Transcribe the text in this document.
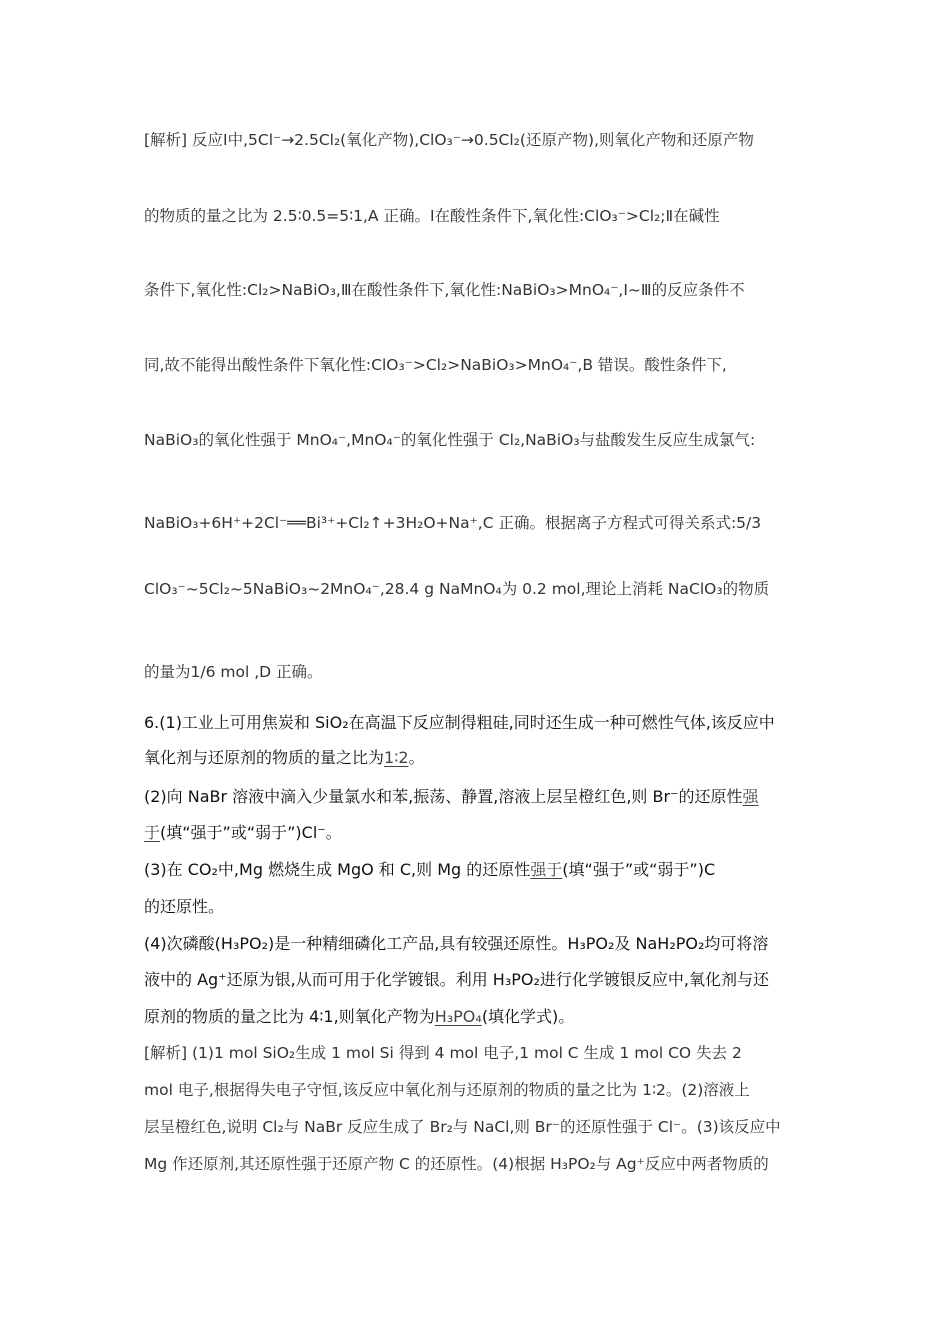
[解析] 反应Ⅰ中,5Cl⁻→2.5Cl₂(氧化产物),ClO₃⁻→0.5Cl₂(还原产物),则氧化产物和还原产物
的物质的量之比为 2.5∶0.5=5∶1,A 正确。Ⅰ在酸性条件下,氧化性:ClO₃⁻>Cl₂;Ⅱ在碱性
条件下,氧化性:Cl₂>NaBiO₃,Ⅲ在酸性条件下,氧化性:NaBiO₃>MnO₄⁻,Ⅰ~Ⅲ的反应条件不
同,故不能得出酸性条件下氧化性:ClO₃⁻>Cl₂>NaBiO₃>MnO₄⁻,B 错误。酸性条件下,
NaBiO₃的氧化性强于 MnO₄⁻,MnO₄⁻的氧化性强于 Cl₂,NaBiO₃与盐酸发生反应生成氯气:
NaBiO₃+6H⁺+2Cl⁻══Bi³⁺+Cl₂↑+3H₂O+Na⁺,C 正确。根据离子方程式可得关系式:5/3
ClO₃⁻~5Cl₂~5NaBiO₃~2MnO₄⁻,28.4 g NaMnO₄为 0.2 mol,理论上消耗 NaClO₃的物质
的量为1/6 mol ,D 正确。
6.(1)工业上可用焦炭和 SiO₂在高温下反应制得粗硅,同时还生成一种可燃性气体,该反应中
氧化剂与还原剂的物质的量之比为1∶2。
(2)向 NaBr 溶液中滴入少量氯水和苯,振荡、静置,溶液上层呈橙红色,则 Br⁻的还原性强
于(填“强于”或“弱于”)Cl⁻。
(3)在 CO₂中,Mg 燃烧生成 MgO 和 C,则 Mg 的还原性强于(填“强于”或“弱于”)C
的还原性。
(4)次磷酸(H₃PO₂)是一种精细磷化工产品,具有较强还原性。H₃PO₂及 NaH₂PO₂均可将溶
液中的 Ag⁺还原为银,从而可用于化学镀银。利用 H₃PO₂进行化学镀银反应中,氧化剂与还
原剂的物质的量之比为 4∶1,则氧化产物为H₃PO₄(填化学式)。
[解析] (1)1 mol SiO₂生成 1 mol Si 得到 4 mol 电子,1 mol C 生成 1 mol CO 失去 2
mol 电子,根据得失电子守恒,该反应中氧化剂与还原剂的物质的量之比为 1∶2。(2)溶液上
层呈橙红色,说明 Cl₂与 NaBr 反应生成了 Br₂与 NaCl,则 Br⁻的还原性强于 Cl⁻。(3)该反应中
Mg 作还原剂,其还原性强于还原产物 C 的还原性。(4)根据 H₃PO₂与 Ag⁺反应中两者物质的
